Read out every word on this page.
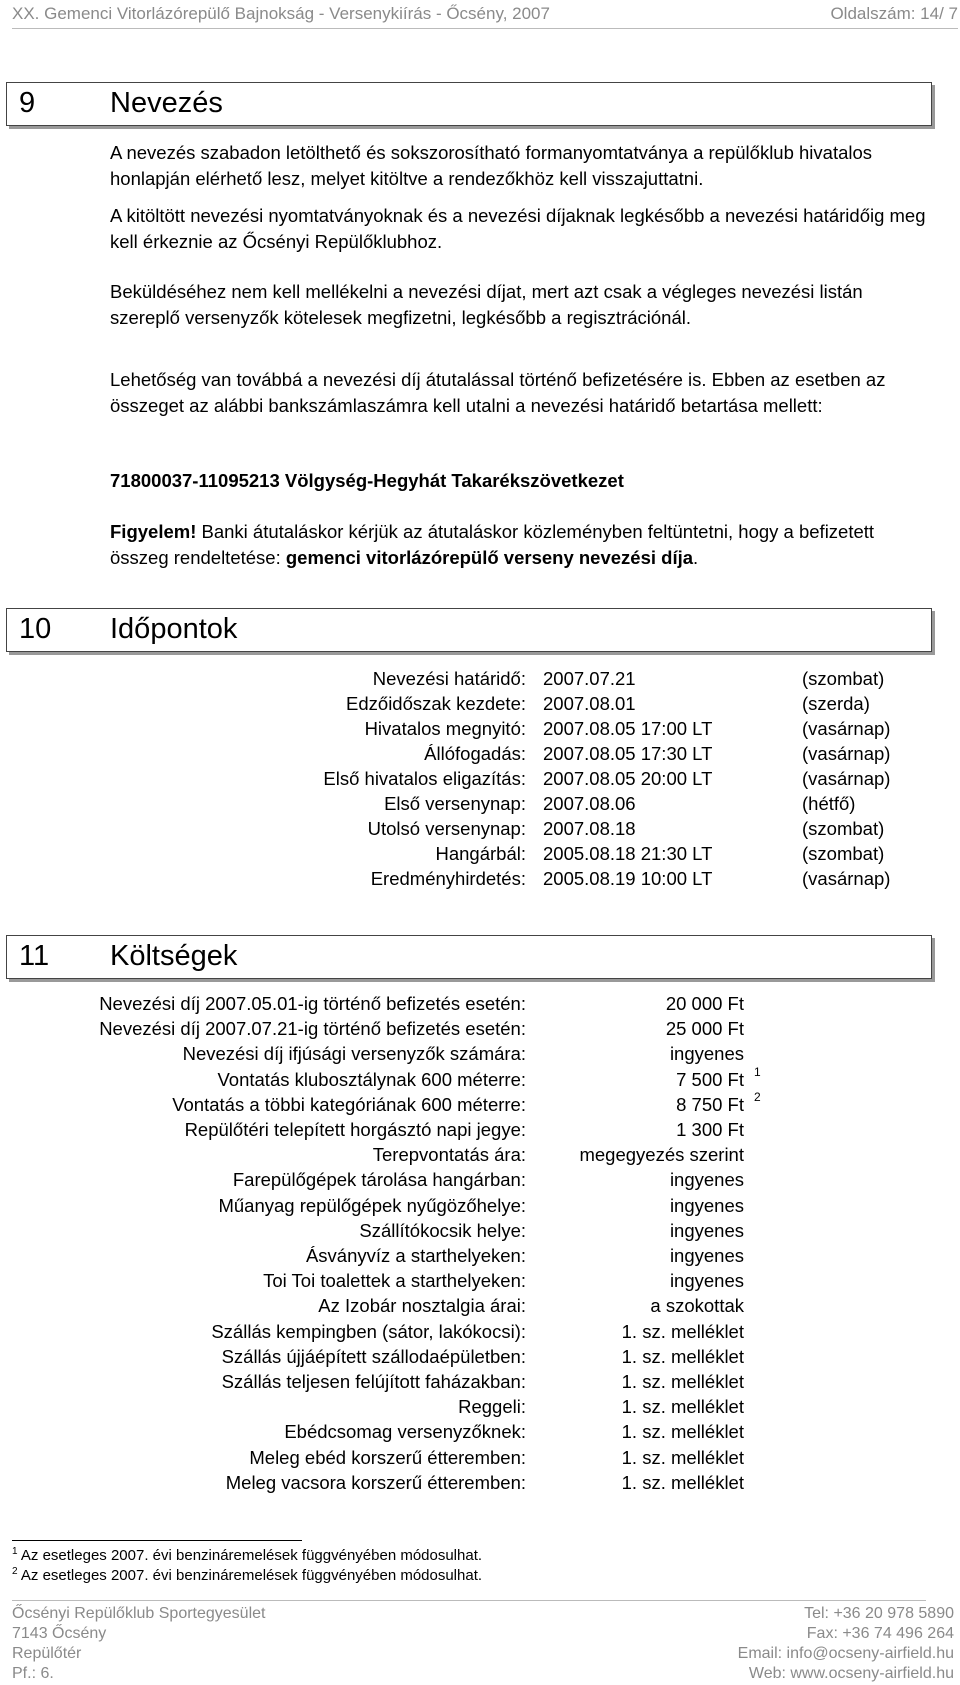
XX. Gemenci Vitorlázórepülő Bajnokság - Versenykiírás - Őcsény, 2007	Oldalszám: 14/ 7
9	Nevezés
A nevezés szabadon letölthető és sokszorosítható formanyomtatványa a repülőklub hivatalos honlapján elérhető lesz, melyet kitöltve a rendezőkhöz kell visszajuttatni.
A kitöltött nevezési nyomtatványoknak és a nevezési díjaknak legkésőbb a nevezési határidőig meg kell érkeznie az Őcsényi Repülőklubhoz.
Beküldéséhez nem kell mellékelni a nevezési díjat, mert azt csak a végleges nevezési listán szereplő versenyzők kötelesek megfizetni, legkésőbb a regisztrációnál.
Lehetőség van továbbá a nevezési díj átutalással történő befizetésére is. Ebben az esetben az összeget az alábbi bankszámlaszámra kell utalni a nevezési határidő betartása mellett:
71800037-11095213 Völgység-Hegyhát Takarékszövetkezet
Figyelem! Banki átutaláskor kérjük az átutaláskor közleményben feltüntetni, hogy a befizetett összeg rendeltetése: gemenci vitorlázórepülő verseny nevezési díja.
10 Időpontok
Nevezési határidő: 2007.07.21	(szombat)
Edzőidőszak kezdete: 2007.08.01	(szerda)
Hivatalos megnyitó: 2007.08.05 17:00 LT	(vasárnap)
Állófogadás: 2007.08.05 17:30 LT	(vasárnap)
Első hivatalos eligazítás: 2007.08.05 20:00 LT	(vasárnap)
Első versenynap: 2007.08.06	(hétfő)
Utolsó versenynap: 2007.08.18	(szombat)
Hangárbál: 2005.08.18 21:30 LT	(szombat)
Eredményhirdetés: 2005.08.19 10:00 LT	(vasárnap)
11 Költségek
Nevezési díj 2007.05.01-ig történő befizetés esetén:	20 000 Ft
Nevezési díj 2007.07.21-ig történő befizetés esetén:	25 000 Ft
Nevezési díj ifjúsági versenyzők számára:	ingyenes
Vontatás klubosztálynak 600 méterre:	7 500 Ft 1
Vontatás a többi kategóriának 600 méterre:	8 750 Ft 2
Repülőtéri telepített horgásztó napi jegye:	1 300 Ft
Terepvontatás ára:	megegyezés szerint
Farepülőgépek tárolása hangárban:	ingyenes
Műanyag repülőgépek nyűgözőhelye:	ingyenes
Szállítókocsik helye:	ingyenes
Ásványvíz a starthelyeken:	ingyenes
Toi Toi toalettek a starthelyeken:	ingyenes
Az Izobár nosztalgia árai:	a szokottak
Szállás kempingben (sátor, lakókocsi):	1. sz. melléklet
Szállás újjáépített szállodaépületben:	1. sz. melléklet
Szállás teljesen felújított faházakban:	1. sz. melléklet
Reggeli:	1. sz. melléklet
Ebédcsomag versenyzőknek:	1. sz. melléklet
Meleg ebéd korszerű étteremben:	1. sz. melléklet
Meleg vacsora korszerű étteremben:	1. sz. melléklet
$^1$ Az esetleges 2007. évi benzináremelések függvényében módosulhat.
$^2$ Az esetleges 2007. évi benzináremelések függvényében módosulhat.
Őcsényi Repülőklub Sportegyesület
7143 Őcsény
Repülőtér
Pf.: 6.
Tel: +36 20 978 5890
Fax: +36 74 496 264
Email: info@ocseny-airfield.hu
Web: www.ocseny-airfield.hu
